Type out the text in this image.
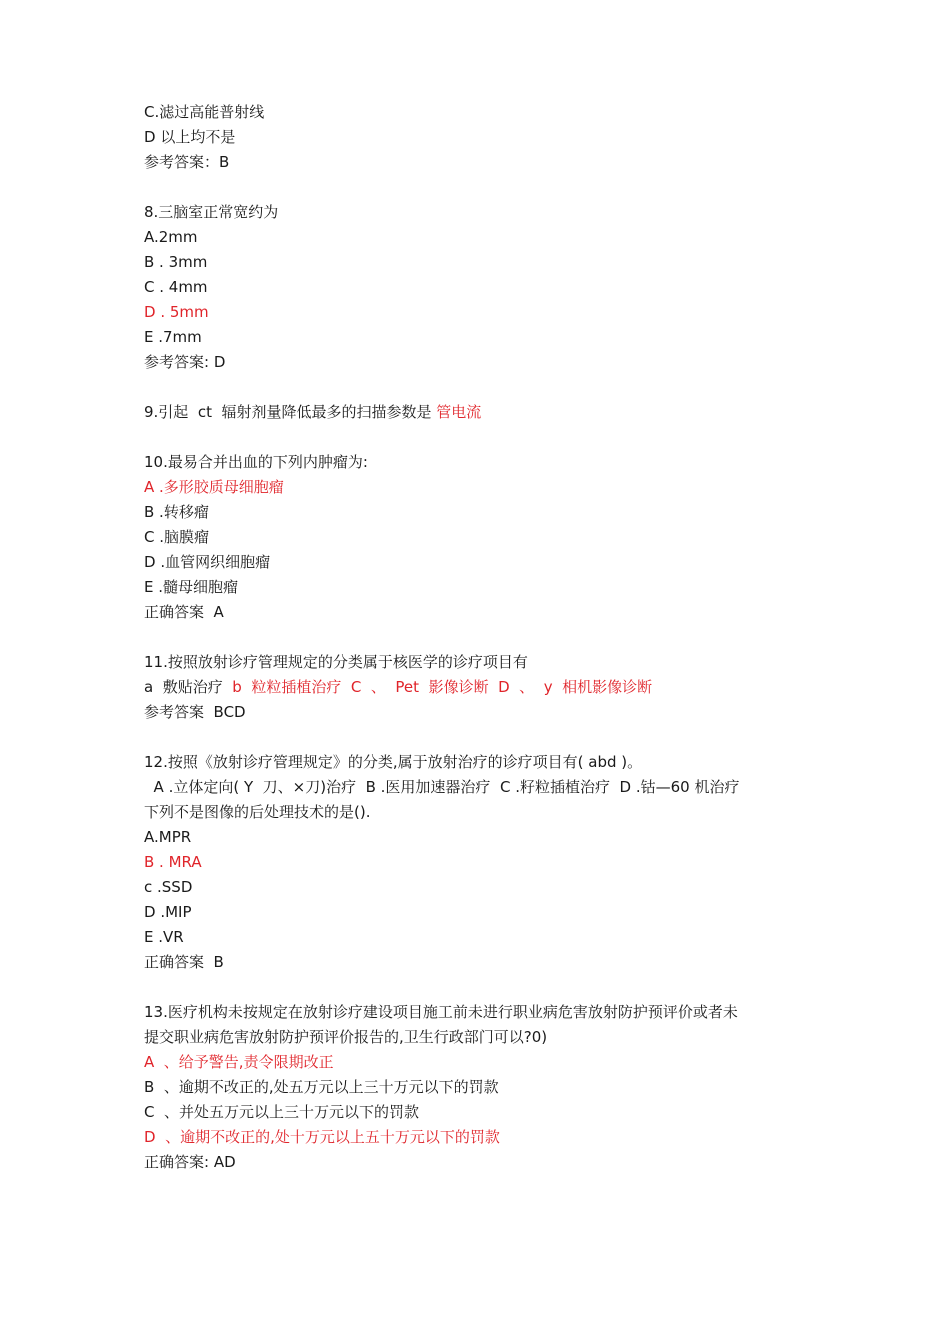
C.滤过高能普射线
D 以上均不是
参考答案：B
8.三脑室正常宽约为
A.2mm
B . 3mm
C . 4mm
D . 5mm
E .7mm
参考答案: D
9.引起  ct  辐射剂量降低最多的扫描参数是 管电流
10.最易合并出血的下列内肿瘤为:
A .多形胶质母细胞瘤
B .转移瘤
C .脑膜瘤
D .血管网织细胞瘤
E .髓母细胞瘤
正确答案  A
11.按照放射诊疗管理规定的分类属于核医学的诊疗项目有
a  敷贴治疗  b  粒粒插植治疗  C  、  Pet  影像诊断  D  、  y  相机影像诊断
参考答案  BCD
12.按照《放射诊疗管理规定》的分类,属于放射治疗的诊疗项目有( abd )。
A .立体定向( Y  刀、×刀)治疗  B .医用加速器治疗  C .籽粒插植治疗  D .钴—60 机治疗
下列不是图像的后处理技术的是().
A.MPR
B . MRA
c .SSD
D .MIP
E .VR
正确答案  B
13.医疗机构未按规定在放射诊疗建设项目施工前未进行职业病危害放射防护预评价或者未
提交职业病危害放射防护预评价报告的,卫生行政部门可以?0)
A  、给予警告,责令限期改正
B  、逾期不改正的,处五万元以上三十万元以下的罚款
C  、并处五万元以上三十万元以下的罚款
D  、逾期不改正的,处十万元以上五十万元以下的罚款
正确答案: AD
